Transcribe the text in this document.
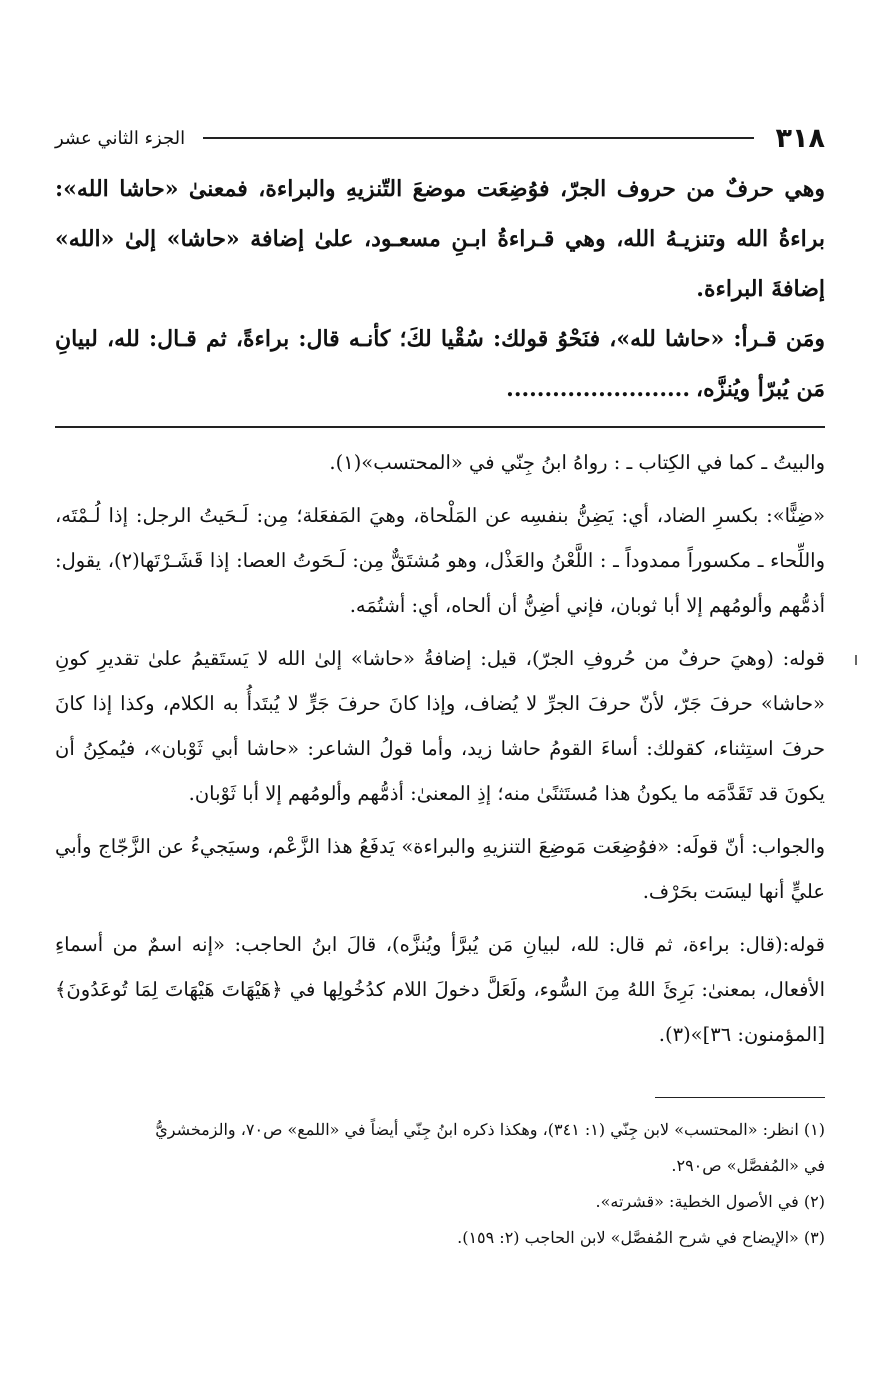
٣١٨
الجزء الثاني عشر

وهي حرفٌ من حروف الجرّ، فوُضِعَت موضعَ التّنزيهِ والبراءة، فمعنىٰ «حاشا الله»: براءةُ الله وتنزيـهُ الله، وهي قـراءةُ ابـنِ مسعـود، علىٰ إضافة «حاشا» إلىٰ «الله» إضافةَ البراءة.

ومَن قـرأ: «حاشا لله»، فنَحْوُ قولك: سُقْيا لكَ؛ كأنـه قال: براءةً، ثم قـال: لله، لبيانِ مَن يُبرّأ ويُنزَّه،........................

والبيتُ ـ كما في الكِتاب ـ : رواهُ ابنُ جِنّي في «المحتسب»(١).

«ضِنًّا»: بكسرِ الضاد، أي: يَضِنُّ بنفسِه عن المَلْحاة، وهيَ المَفعَلة؛ مِن: لَـحَيتُ الرجل: إذا لُـمْتَه، واللِّحاء ـ مكسوراً ممدوداً ـ : اللَّعْنُ والعَذْل، وهو مُشتَقٌّ مِن: لَـحَوتُ العصا: إذا قَشَـرْتَها(٢)، يقول: أذمُّهم وألومُهم إلا أبا ثوبان، فإني أضِنُّ أن ألحاه، أي: أشتُمَه.

قوله: (وهيَ حرفٌ من حُروفِ الجرّ)، قيل: إضافةُ «حاشا» إلىٰ الله لا يَستَقيمُ علىٰ تقديرِ كونِ «حاشا» حرفَ جَرّ، لأنّ حرفَ الجرِّ لا يُضاف، وإذا كانَ حرفَ جَرٍّ لا يُبتَدأُ به الكلام، وكذا إذا كانَ حرفَ استِثناء، كقولك: أساءَ القومُ حاشا زيد، وأما قولُ الشاعر: «حاشا أبي ثَوْبان»، فيُمكِنُ أن يكونَ قد تَقَدَّمَه ما يكونُ هذا مُستَثنًىٰ منه؛ إذِ المعنىٰ: أذمُّهم وألومُهم إلا أبا ثَوْبان.

والجواب: أنّ قولَه: «فوُضِعَت مَوضِعَ التنزيهِ والبراءة» يَدفَعُ هذا الزَّعْم، وسيَجيءُ عن الزَّجّاج وأبي عليٍّ أنها ليسَت بحَرْف.

قوله:(قال: براءة، ثم قال: لله، لبيانِ مَن يُبرَّأ ويُنزَّه)، قالَ ابنُ الحاجب: «إنه اسمٌ من أسماءِ الأفعال، بمعنىٰ: بَرِئَ اللهُ مِنَ السُّوء، ولَعَلَّ دخولَ اللام كدُخُولِها في ﴿هَيْهَاتَ هَيْهَاتَ لِمَا تُوعَدُونَ﴾ [المؤمنون: ٣٦]»(٣).

(١) انظر: «المحتسب» لابن جِنّي (١: ٣٤١)، وهكذا ذكره ابنُ جِنّي أيضاً في «اللمع» ص٧٠، والزمخشريُّ

في «المُفصَّل» ص٢٩٠.

(٢) في الأصول الخطية: «قشرته».

(٣) «الإيضاح في شرح المُفصَّل» لابن الحاجب (٢: ١٥٩).
